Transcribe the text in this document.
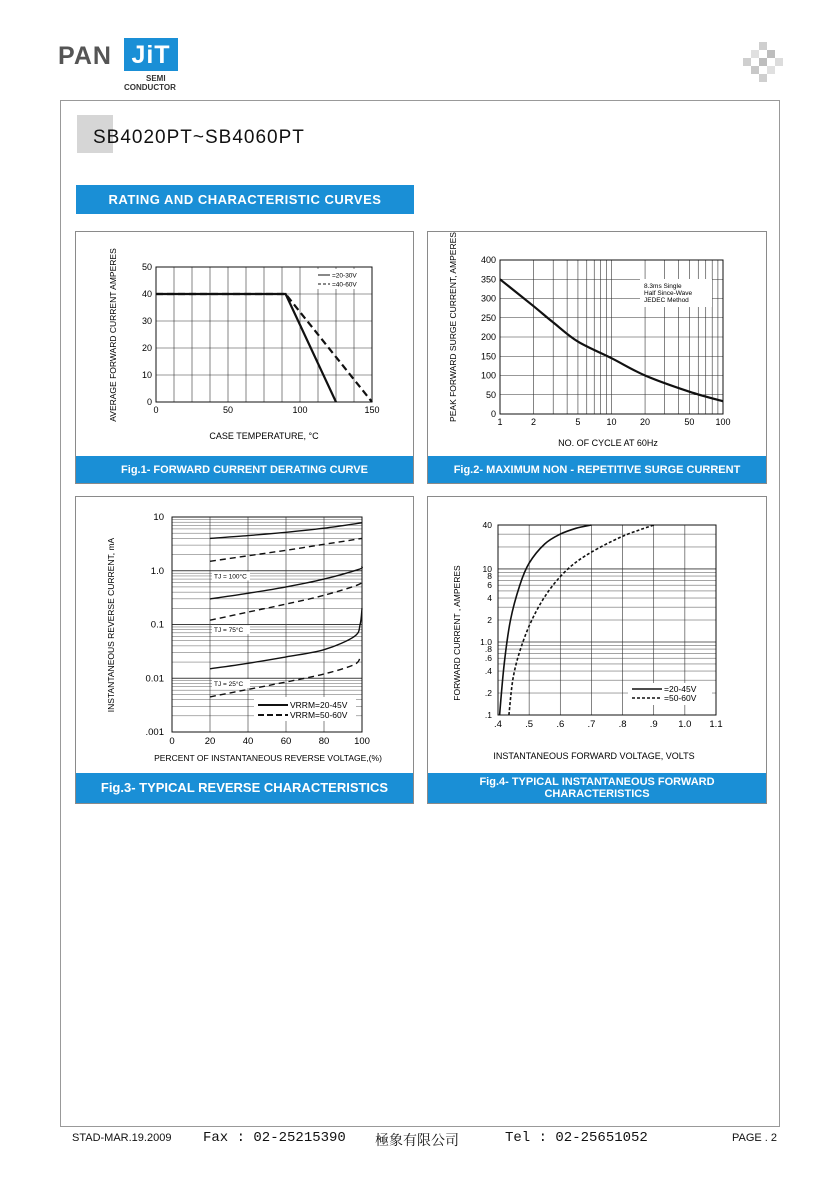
PAN JiT
SEMI
CONDUCTOR
SB4020PT~SB4060PT
RATING AND CHARACTERISTIC CURVES
0	50	100	150
0
10
20
30
40
50
=20-30V
=40-60V
CASE TEMPERATURE, °C
AVERAGE FORWARD CURRENT AMPERES
Fig.1- FORWARD CURRENT DERATING CURVE
1	2	5	10	20	50 100
0
50
100
150
200
250
300
350
400
8.3ms Single
Half Since-Wave
JEDEC Method
NO. OF CYCLE AT 60Hz
PEAK FORWARD SURGE CURRENT, AMPERES
Fig.2- MAXIMUM NON - REPETITIVE SURGE CURRENT
0	20	40	60	80	100
.001
0.01
0.1
1.0
10
TJ = 100°C
TJ = 75°C
TJ = 25°C
VRRM=20-45V
VRRM=50-60V
PERCENT OF INSTANTANEOUS REVERSE VOLTAGE,(%)
INSTANTANEOUS REVERSE CURRENT, mA
Fig.3- TYPICAL REVERSE CHARACTERISTICS
.4 .5 .6 .7 .8 .9 1.0 1.1
.1
.2
.4
.6
.8
1.0
2
4
6
8
10
40
=20-45V
=50-60V
INSTANTANEOUS FORWARD VOLTAGE, VOLTS
FORWARD CURRENT , AMPERES
Fig.4- TYPICAL INSTANTANEOUS FORWARD CHARACTERISTICS
STAD-MAR.19.2009 Fax : 02-25215390 極象有限公司	Tel : 02-25651052	PAGE . 2
